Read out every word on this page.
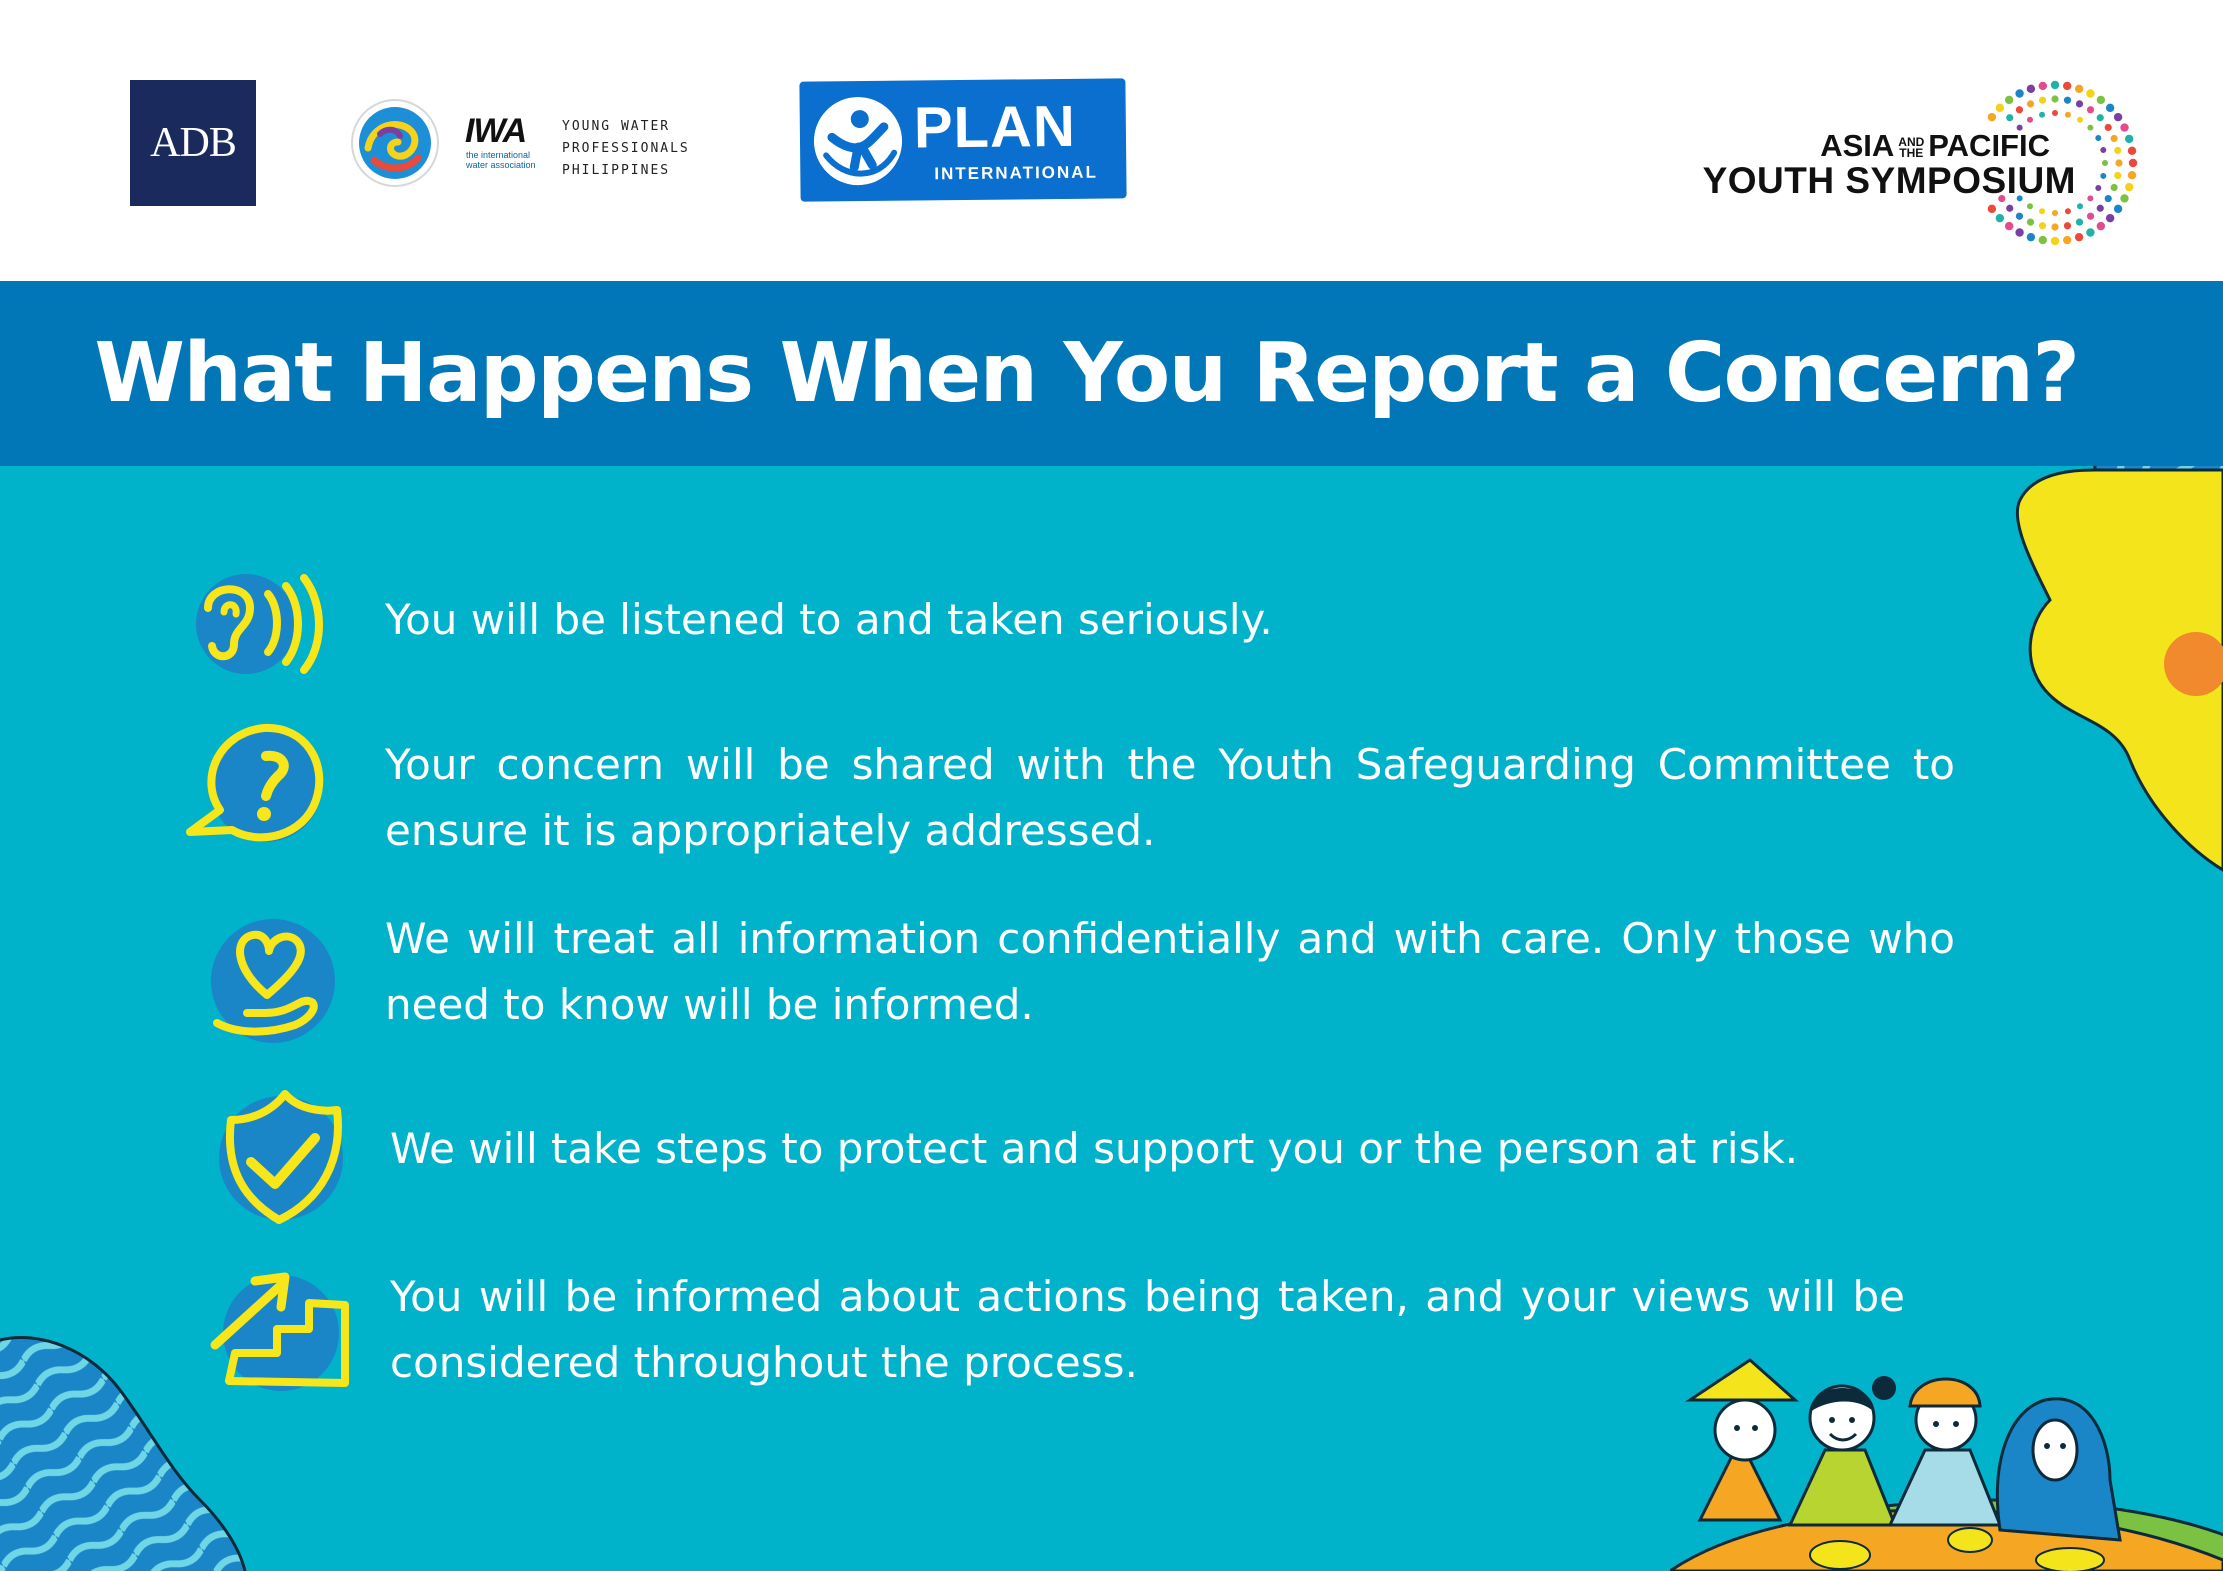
ADB	IWA
the international water association
YOUNG WATER
PROFESSIONALS
PHILIPPINES
PLAN
INTERNATIONAL
ASIA AND
THE PACIFIC
YOUTH SYMPOSIUM
What Happens When You Report a Concern?
You will be listened to and taken seriously.
Your concern will be shared with the Youth Safeguarding Committee to ensure it is appropriately addressed.
We will treat all information confidentially and with care. Only those who need to know will be informed.
We will take steps to protect and support you or the person at risk.
You will be informed about actions being taken, and your views will be considered throughout the process.
